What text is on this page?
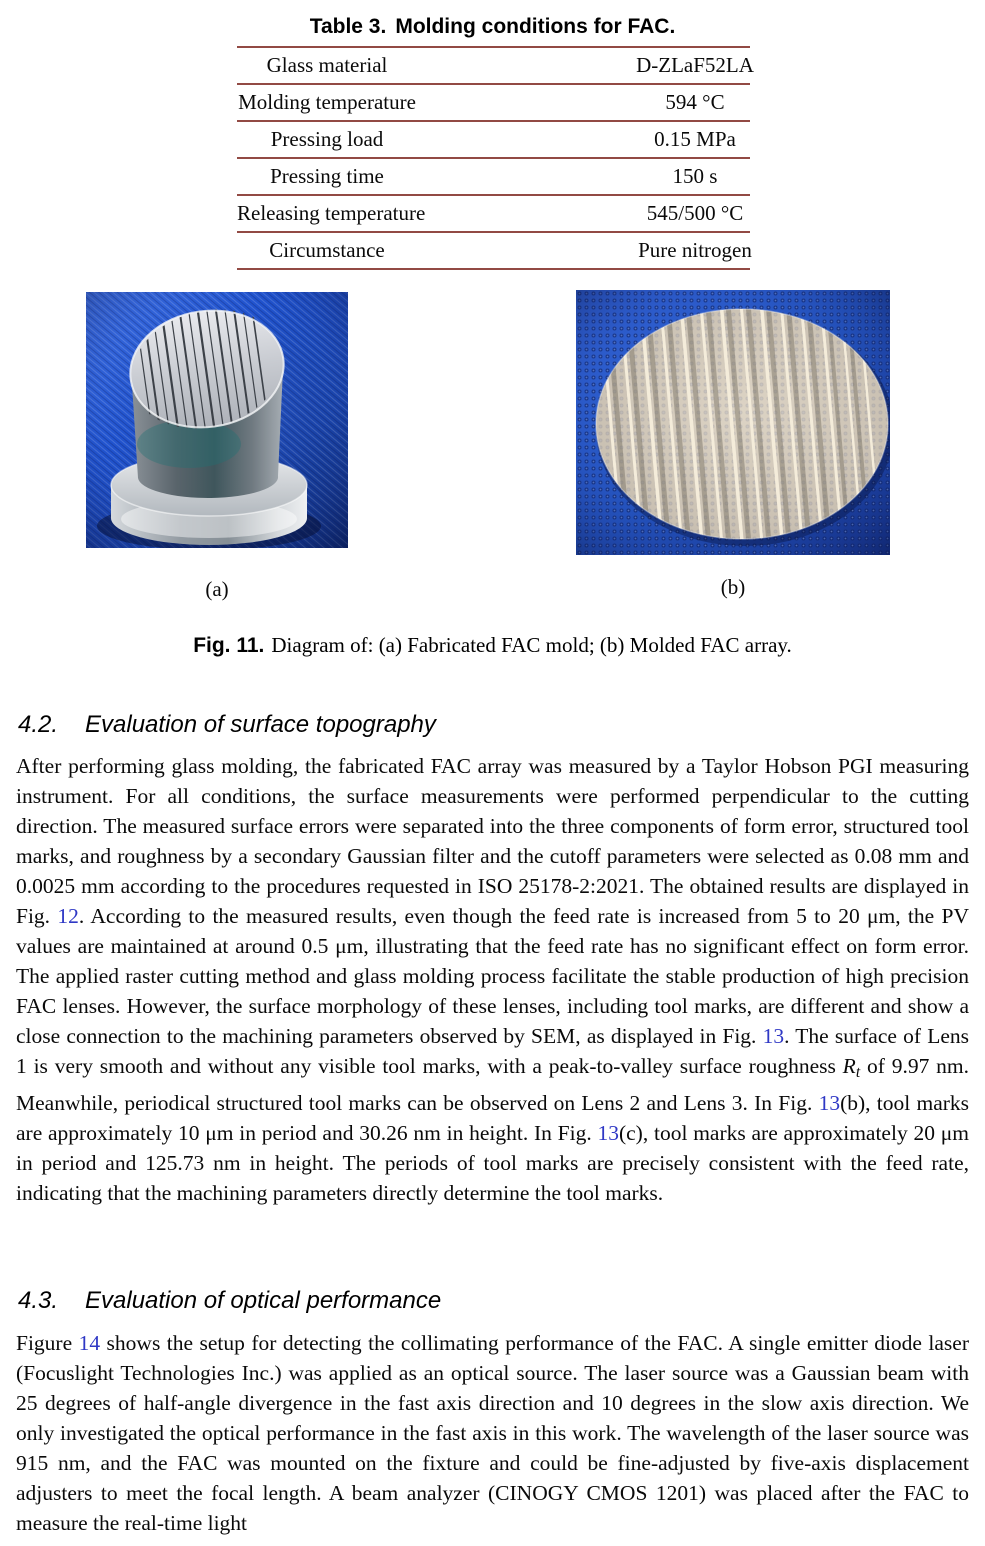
Table 3. Molding conditions for FAC.
Glass material	D-ZLaF52LA
Molding temperature	594 °C
Pressing load	0.15 MPa
Pressing time	150 s
Releasing temperature	545/500 °C
Circumstance	Pure nitrogen
(a)	(b)
Fig. 11. Diagram of: (a) Fabricated FAC mold; (b) Molded FAC array.
4.2. Evaluation of surface topography
After performing glass molding, the fabricated FAC array was measured by a Taylor Hobson PGI measuring instrument. For all conditions, the surface measurements were performed perpendicular to the cutting direction. The measured surface errors were separated into the three components of form error, structured tool marks, and roughness by a secondary Gaussian filter and the cutoff parameters were selected as 0.08 mm and 0.0025 mm according to the procedures requested in ISO 25178-2:2021. The obtained results are displayed in Fig. 12. According to the measured results, even though the feed rate is increased from 5 to 20 μm, the PV values are maintained at around 0.5 μm, illustrating that the feed rate has no significant effect on form error. The applied raster cutting method and glass molding process facilitate the stable production of high precision FAC lenses. However, the surface morphology of these lenses, including tool marks, are different and show a close connection to the machining parameters observed by SEM, as displayed in Fig. 13. The surface of Lens 1 is very smooth and without any visible tool marks, with a peak-to-valley surface roughness Rt of 9.97 nm. Meanwhile, periodical structured tool marks can be observed on Lens 2 and Lens 3. In Fig. 13(b), tool marks are approximately 10 μm in period and 30.26 nm in height. In Fig. 13(c), tool marks are approximately 20 μm in period and 125.73 nm in height. The periods of tool marks are precisely consistent with the feed rate, indicating that the machining parameters directly determine the tool marks.
4.3. Evaluation of optical performance
Figure 14 shows the setup for detecting the collimating performance of the FAC. A single emitter diode laser (Focuslight Technologies Inc.) was applied as an optical source. The laser source was a Gaussian beam with 25 degrees of half-angle divergence in the fast axis direction and 10 degrees in the slow axis direction. We only investigated the optical performance in the fast axis in this work. The wavelength of the laser source was 915 nm, and the FAC was mounted on the fixture and could be fine-adjusted by five-axis displacement adjusters to meet the focal length. A beam analyzer (CINOGY CMOS 1201) was placed after the FAC to measure the real-time light
